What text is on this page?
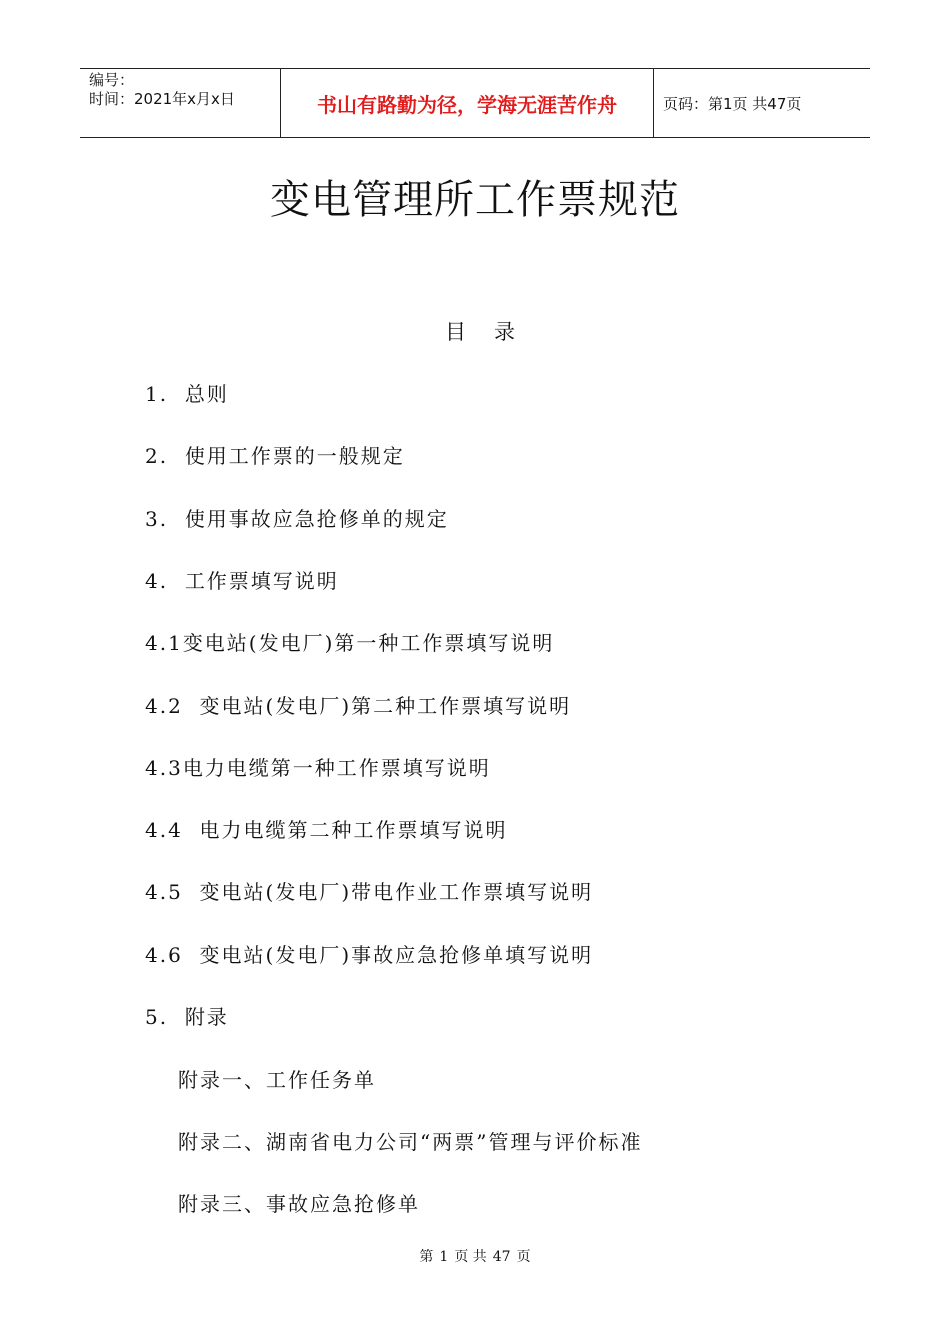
编号：
时间：2021年x月x日	书山有路勤为径，学海无涯苦作舟	页码：第1页 共47页
变电管理所工作票规范
目录
1. 总则
2. 使用工作票的一般规定
3. 使用事故应急抢修单的规定
4. 工作票填写说明
4.1变电站(发电厂)第一种工作票填写说明
4.2 变电站(发电厂)第二种工作票填写说明
4.3电力电缆第一种工作票填写说明
4.4 电力电缆第二种工作票填写说明
4.5 变电站(发电厂)带电作业工作票填写说明
4.6 变电站(发电厂)事故应急抢修单填写说明
5. 附录
附录一、工作任务单
附录二、湖南省电力公司“两票”管理与评价标准
附录三、事故应急抢修单
第 1 页 共 47 页
